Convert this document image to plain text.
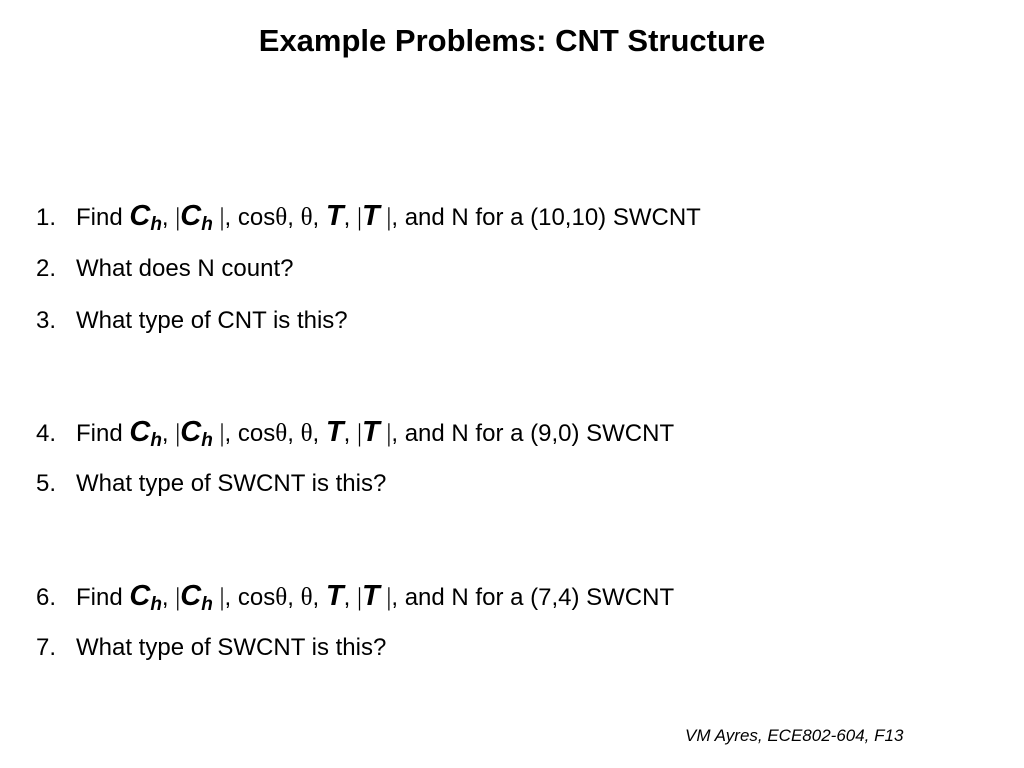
Example Problems: CNT Structure
1. Find $C_h$, $|C_h$ |, cosθ, θ, T, |T |, and N for a (10,10) SWCNT
2. What does N count?
3. What type of CNT is this?
4. Find $C_h$, $|C_h$ |, cosθ, θ, T, |T |, and N for a (9,0) SWCNT
5. What type of SWCNT is this?
6. Find $C_h$, $|C_h$ |, cosθ, θ, T, |T |, and N for a (7,4) SWCNT
7. What type of SWCNT is this?
VM Ayres, ECE802-604, F13
